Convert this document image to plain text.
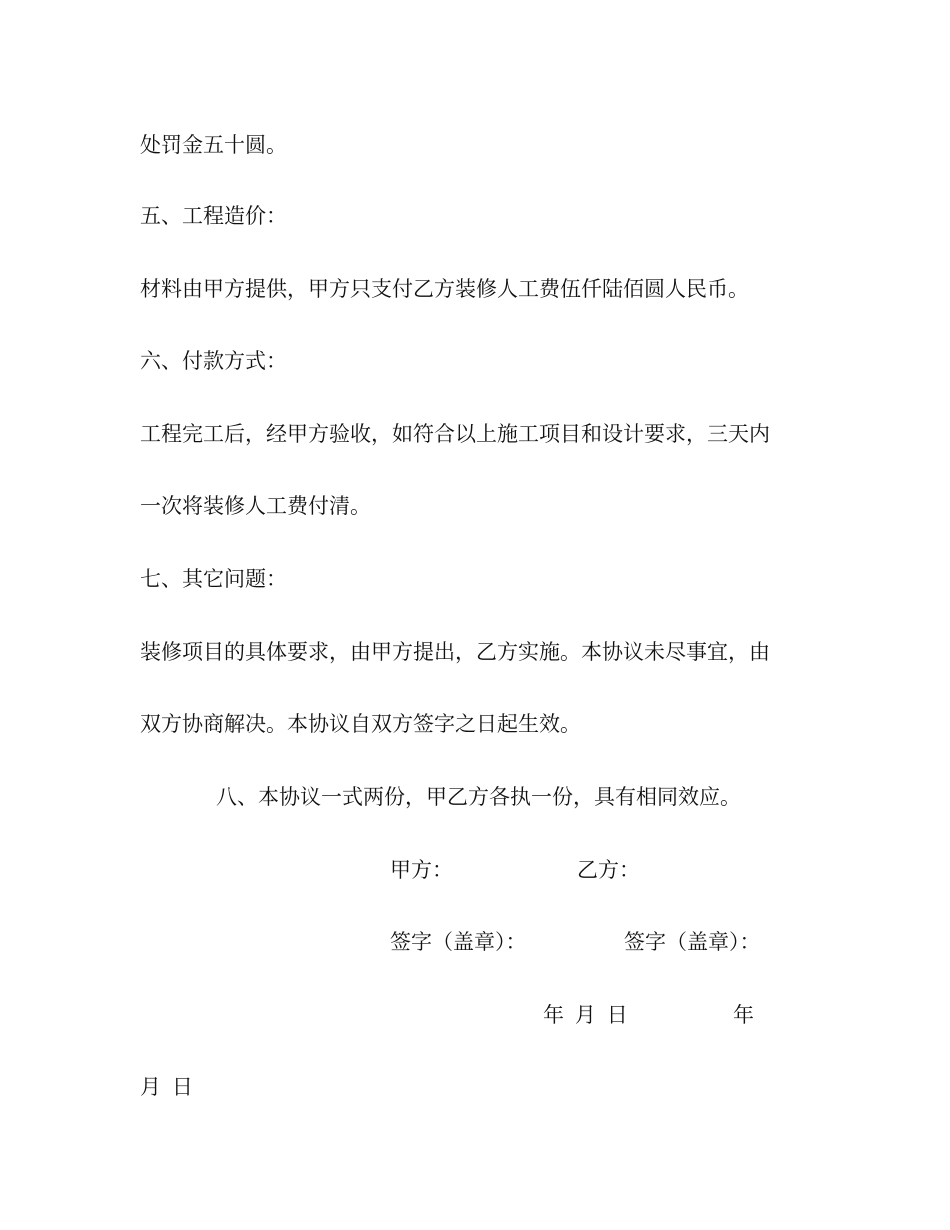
处罚金五十圆。

五、工程造价：

材料由甲方提供，甲方只支付乙方装修人工费伍仟陆佰圆人民币。

六、付款方式：

工程完工后，经甲方验收，如符合以上施工项目和设计要求，三天内

一次将装修人工费付清。

七、其它问题：

装修项目的具体要求，由甲方提出，乙方实施。本协议未尽事宜，由

双方协商解决。本协议自双方签字之日起生效。

八、本协议一式两份，甲乙方各执一份，具有相同效应。

甲方：	乙方：
签字（盖章）：	签字（盖章）：
年 月 日	年
月 日
